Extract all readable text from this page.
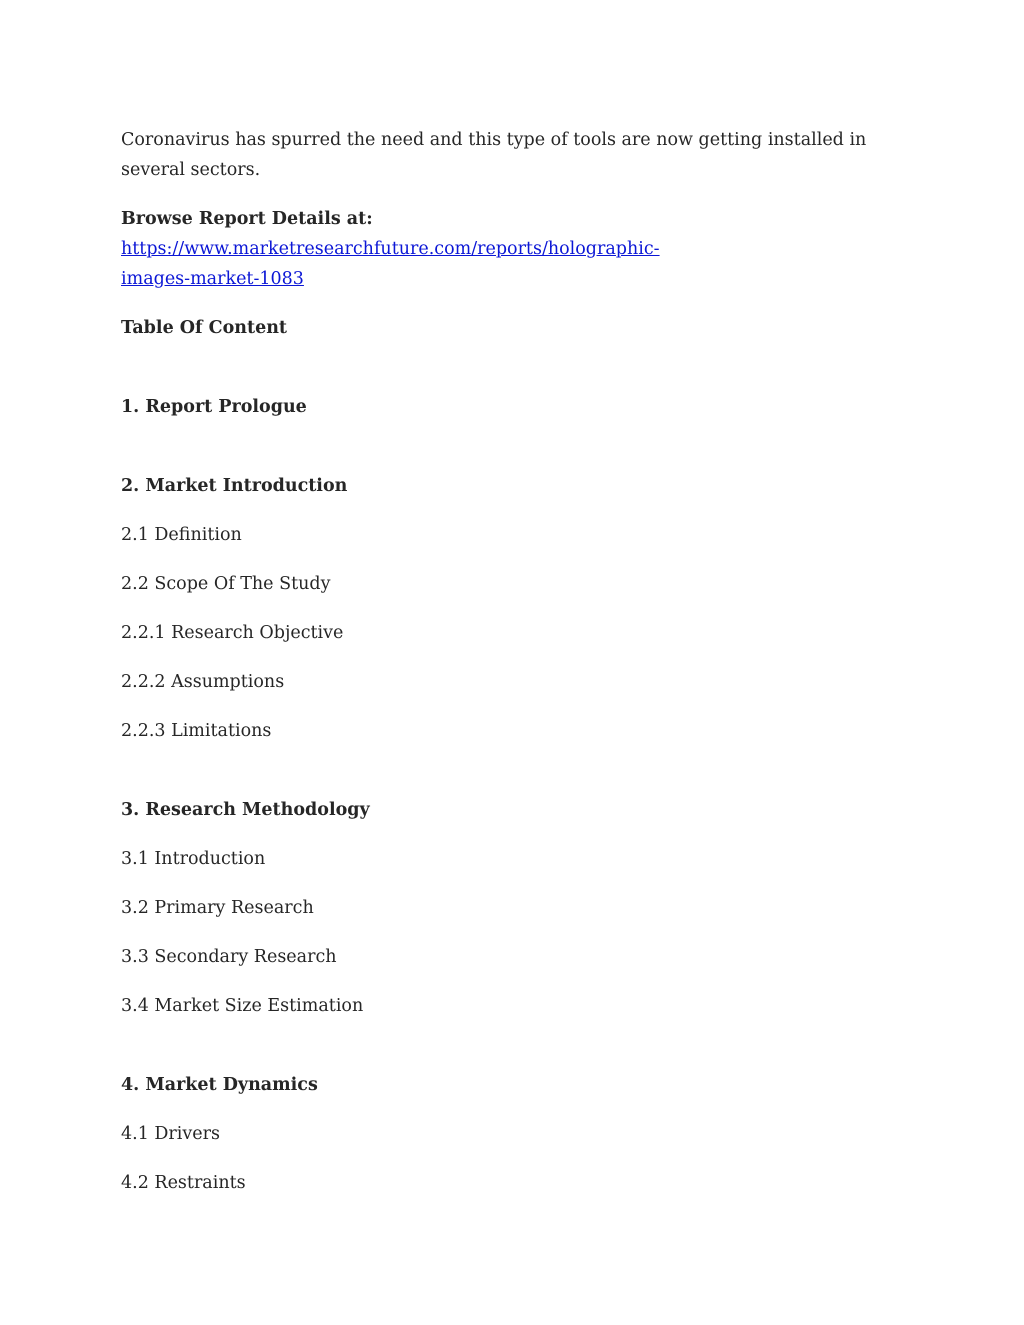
Coronavirus has spurred the need and this type of tools are now getting installed in several sectors.

Browse Report Details at: https://www.marketresearchfuture.com/reports/holographic-
images-market-1083

Table Of Content

1. Report Prologue

2. Market Introduction

2.1 Definition

2.2 Scope Of The Study

2.2.1 Research Objective

2.2.2 Assumptions

2.2.3 Limitations

3. Research Methodology

3.1 Introduction

3.2 Primary Research

3.3 Secondary Research

3.4 Market Size Estimation

4. Market Dynamics

4.1 Drivers

4.2 Restraints
